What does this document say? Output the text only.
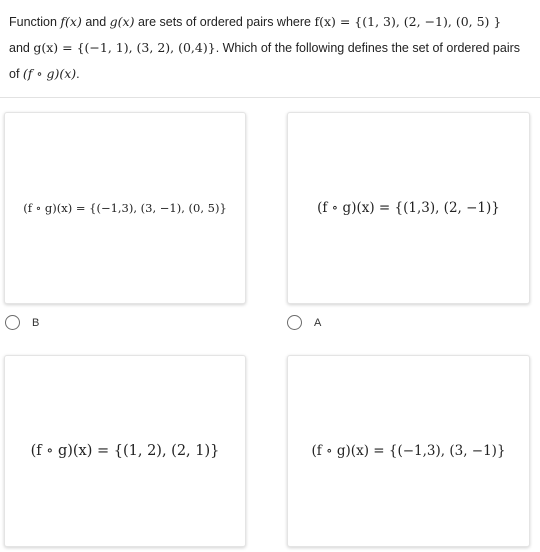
Function f(x) and g(x) are sets of ordered pairs where f(x) = {(1, 3), (2, −1), (0, 5) }
and g(x) = {(−1, 1), (3, 2), (0,4)}. Which of the following defines the set of ordered pairs
of (f ∘ g)(x).
(f ∘ g)(x) = {(−1,3), (3, −1), (0, 5)}	(f ∘ g)(x) = {(1,3), (2, −1)}
B	A
(f ∘ g)(x) = {(1, 2), (2, 1)}	(f ∘ g)(x) = {(−1,3), (3, −1)}
